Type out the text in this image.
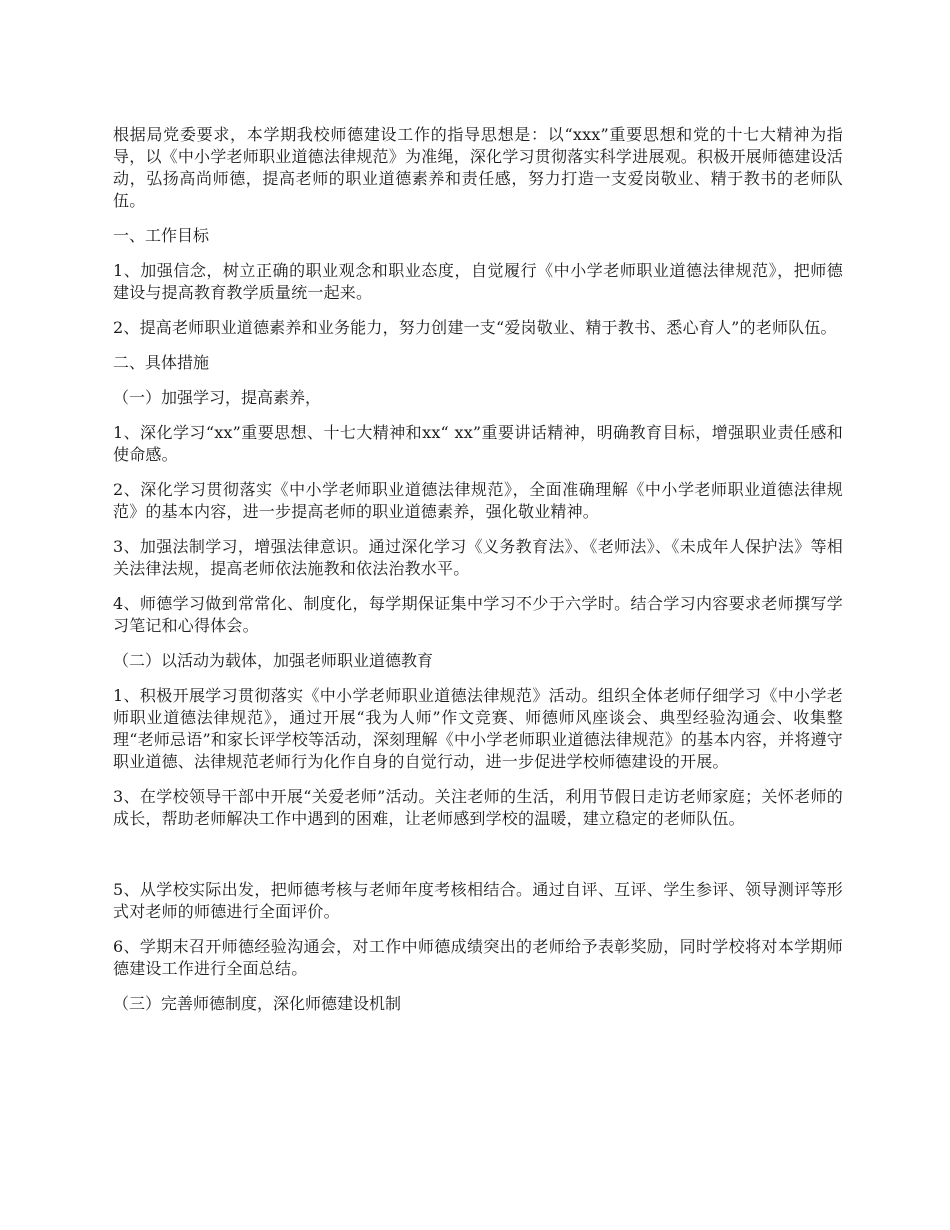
根据局党委要求，本学期我校师德建设工作的指导思想是：以“xxx”重要思想和党的十七大精神为指导，以《中小学老师职业道德法律规范》为准绳，深化学习贯彻落实科学进展观。积极开展师德建设活动，弘扬高尚师德，提高老师的职业道德素养和责任感，努力打造一支爱岗敬业、精于教书的老师队伍。

一、工作目标

1、加强信念，树立正确的职业观念和职业态度，自觉履行《中小学老师职业道德法律规范》，把师德建设与提高教育教学质量统一起来。

2、提高老师职业道德素养和业务能力，努力创建一支“爱岗敬业、精于教书、悉心育人”的老师队伍。

二、具体措施

（一）加强学习，提高素养，

1、深化学习“xx”重要思想、十七大精神和xx“ xx”重要讲话精神，明确教育目标，增强职业责任感和使命感。

2、深化学习贯彻落实《中小学老师职业道德法律规范》，全面准确理解《中小学老师职业道德法律规范》的基本内容，进一步提高老师的职业道德素养，强化敬业精神。

3、加强法制学习，增强法律意识。通过深化学习《义务教育法》、《老师法》、《未成年人保护法》等相关法律法规，提高老师依法施教和依法治教水平。

4、师德学习做到常常化、制度化，每学期保证集中学习不少于六学时。结合学习内容要求老师撰写学习笔记和心得体会。

（二）以活动为载体，加强老师职业道德教育

1、积极开展学习贯彻落实《中小学老师职业道德法律规范》活动。组织全体老师仔细学习《中小学老师职业道德法律规范》，通过开展“我为人师”作文竞赛、师德师风座谈会、典型经验沟通会、收集整理“老师忌语”和家长评学校等活动，深刻理解《中小学老师职业道德法律规范》的基本内容，并将遵守职业道德、法律规范老师行为化作自身的自觉行动，进一步促进学校师德建设的开展。

3、在学校领导干部中开展“关爱老师”活动。关注老师的生活，利用节假日走访老师家庭；关怀老师的成长，帮助老师解决工作中遇到的困难，让老师感到学校的温暖，建立稳定的老师队伍。

5、从学校实际出发，把师德考核与老师年度考核相结合。通过自评、互评、学生参评、领导测评等形式对老师的师德进行全面评价。

6、学期末召开师德经验沟通会，对工作中师德成绩突出的老师给予表彰奖励，同时学校将对本学期师德建设工作进行全面总结。

（三）完善师德制度，深化师德建设机制
